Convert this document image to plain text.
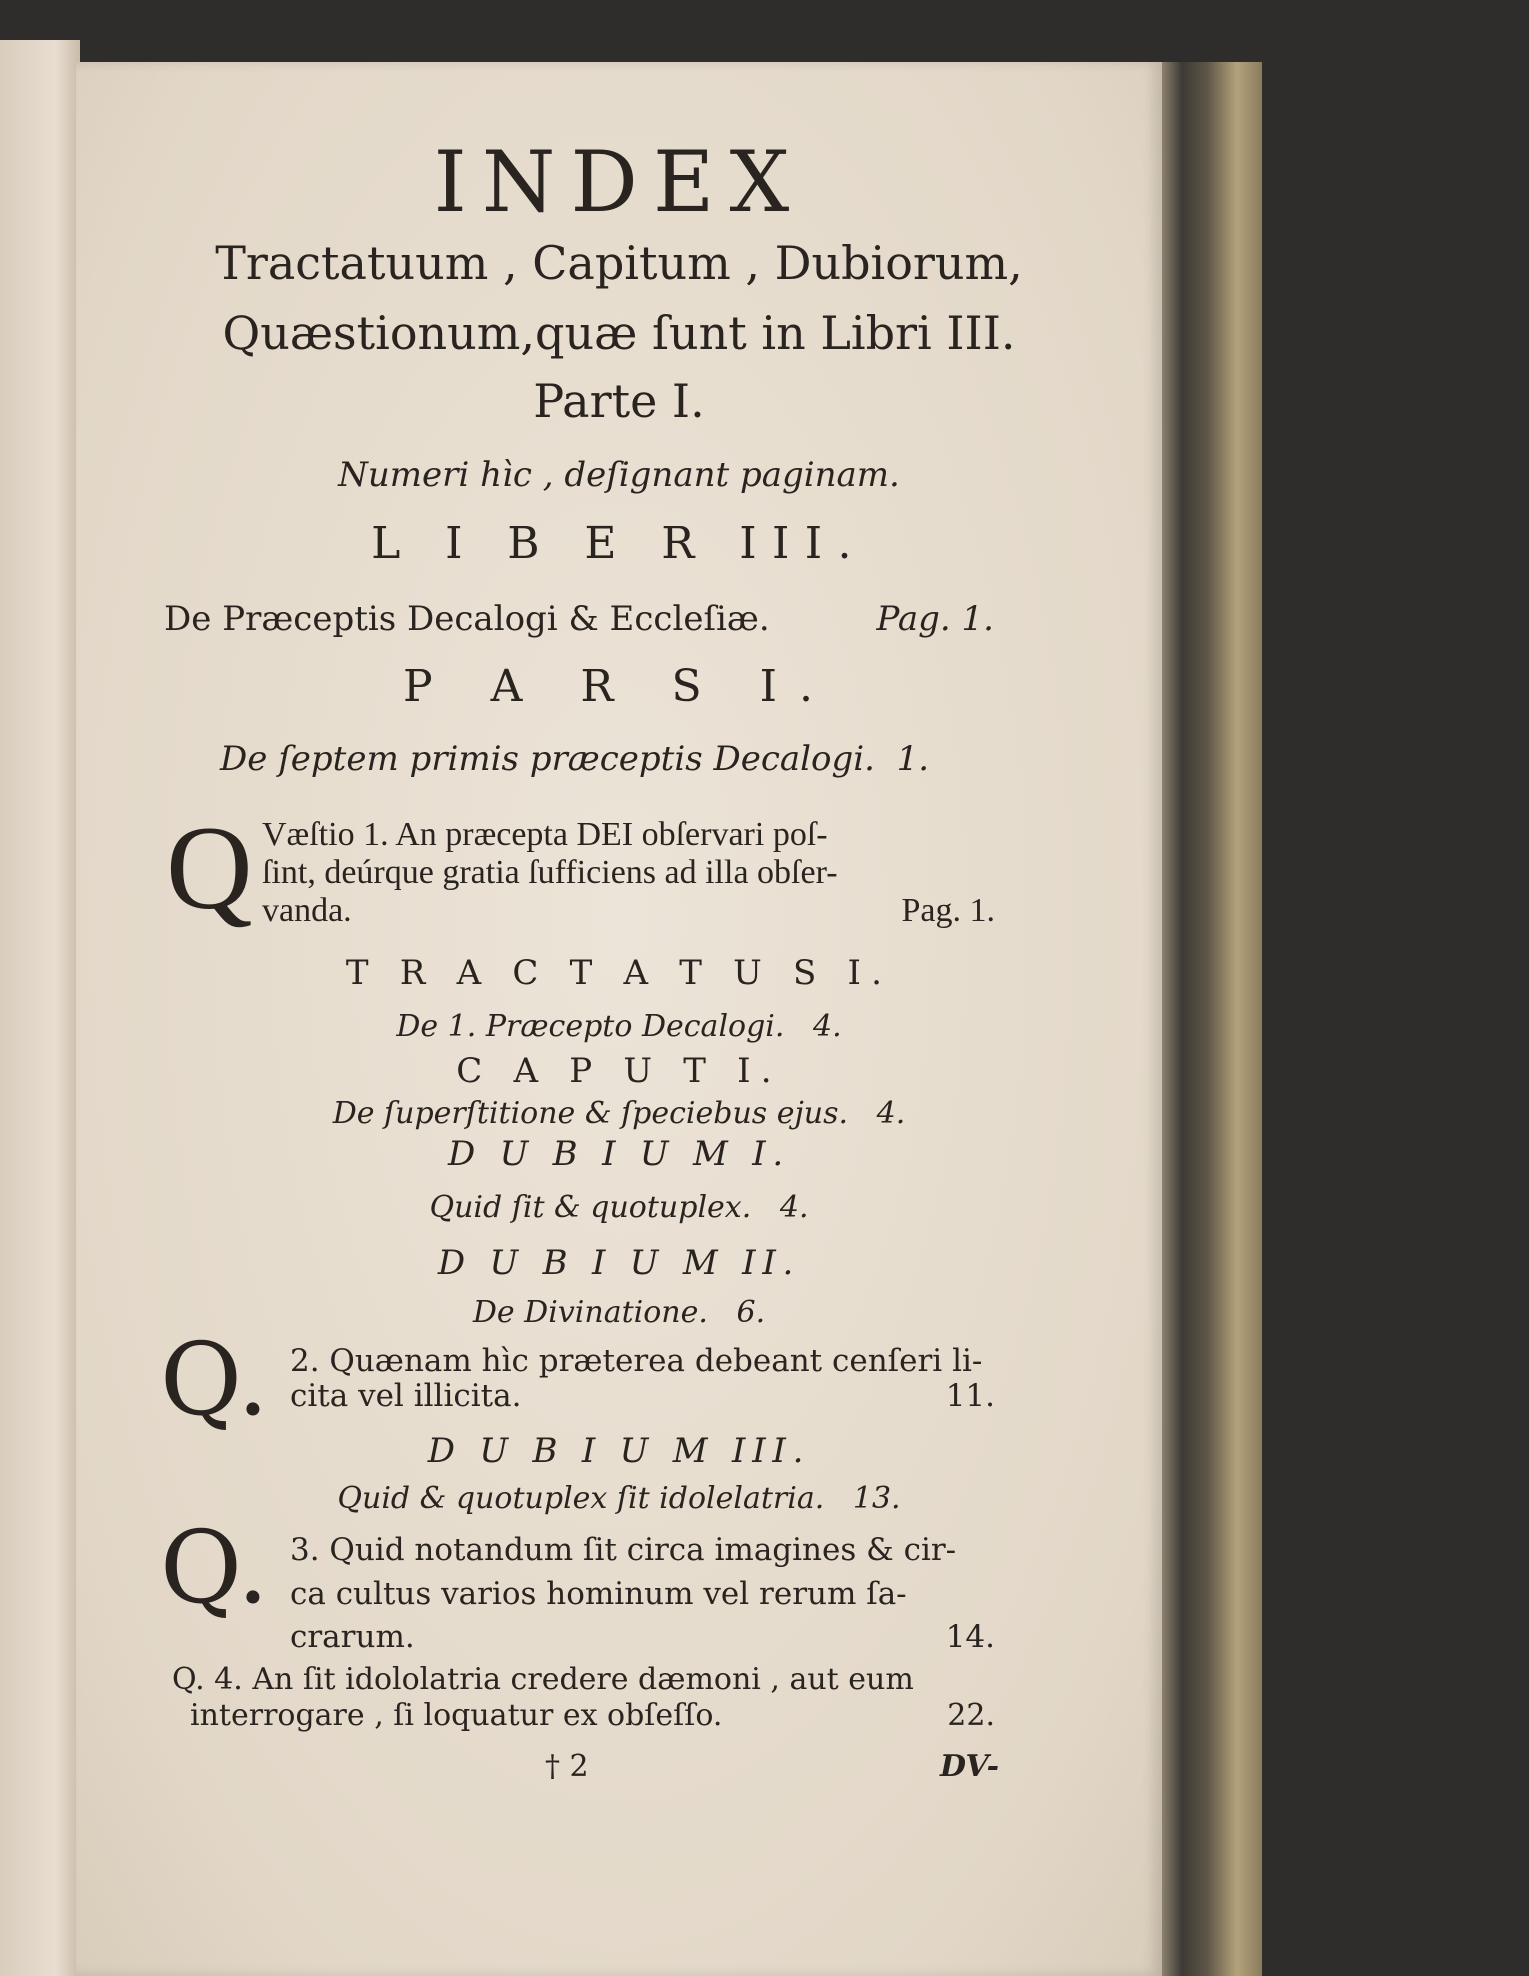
INDEX
Tractatuum , Capitum , Dubiorum,
Quæstionum,quæ ſunt in Libri III.
Parte I.
Numeri hìc , deſignant paginam.
L I B E R III.
De Præceptis Decalogi & Eccleſiæ.	Pag. 1.
P A R S I.
De ſeptem primis præceptis Decalogi. 1.
Q Væſtio 1. An præcepta DEI obſervari poſ-
ſint, deúrque gratia ſufficiens ad illa obſer-
vanda.	Pag. 1.
T R A C T A T U S I.
De 1. Præcepto Decalogi. 4.
C A P U T I.
De ſuperſtitione & ſpeciebus ejus. 4.
D U B I U M I.
Quid ſit & quotuplex. 4.
D U B I U M II.
De Divinatione. 6.
Q. 2. Quænam hìc præterea debeant cenſeri li-
cita vel illicita.	11.
D U B I U M III.
Quid & quotuplex ſit idolelatria. 13.
Q. 3. Quid notandum ſit circa imagines & cir-
ca cultus varios hominum vel rerum ſa-
crarum.	14.
Q. 4. An ſit idololatria credere dæmoni , aut eum
interrogare , ſi loquatur ex obſeſſo.	22.
† 2	DV-
